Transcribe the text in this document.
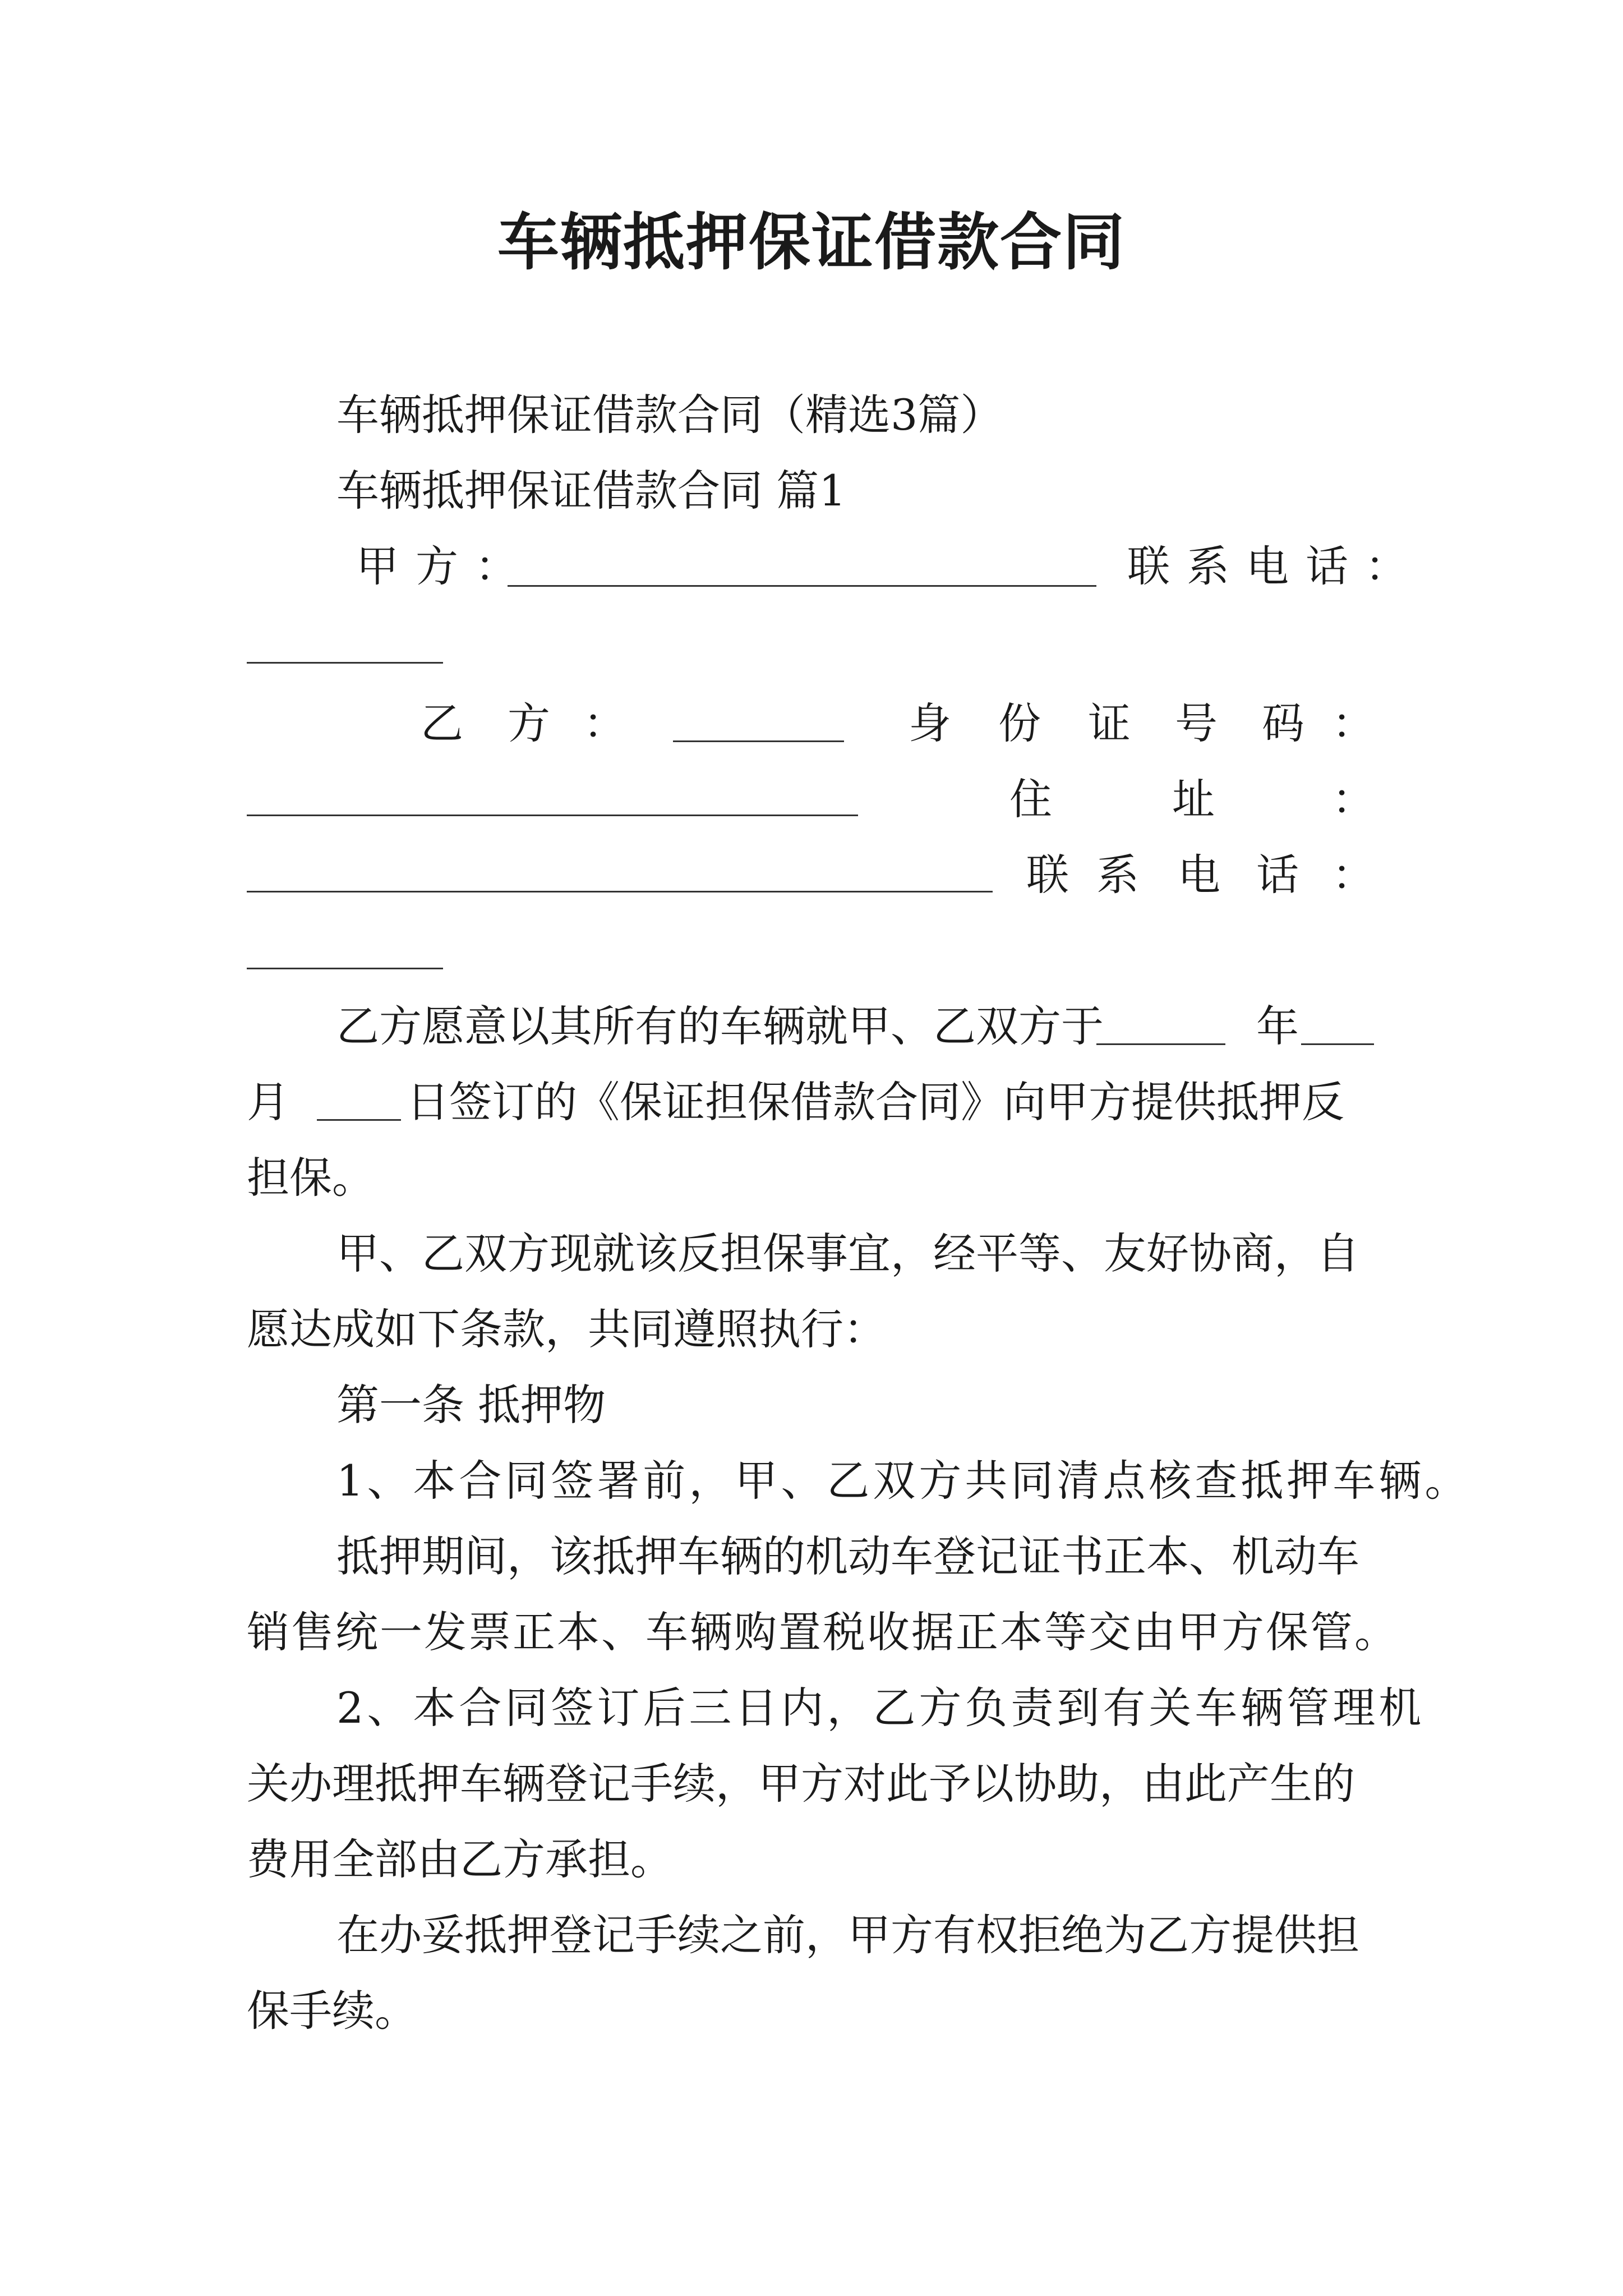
车辆抵押保证借款合同
车辆抵押保证借款合同（精选3篇）
车辆抵押保证借款合同 篇1
甲方：	联系电话：
乙 方 ：	身 份 证 号 码 ：
住	址	：
联 系 电 话 ：
乙方愿意以其所有的车辆就甲、乙双方于	年
月	日签订的《保证担保借款合同》向甲方提供抵押反
担保。
甲、乙双方现就该反担保事宜，经平等、友好协商，自
愿达成如下条款，共同遵照执行：
第一条 抵押物
1、本合同签署前，甲、乙双方共同清点核查抵押车辆。
抵押期间，该抵押车辆的机动车登记证书正本、机动车
销售统一发票正本、车辆购置税收据正本等交由甲方保管。
2、本合同签订后三日内，乙方负责到有关车辆管理机
关办理抵押车辆登记手续，甲方对此予以协助，由此产生的
费用全部由乙方承担。
在办妥抵押登记手续之前，甲方有权拒绝为乙方提供担
保手续。
